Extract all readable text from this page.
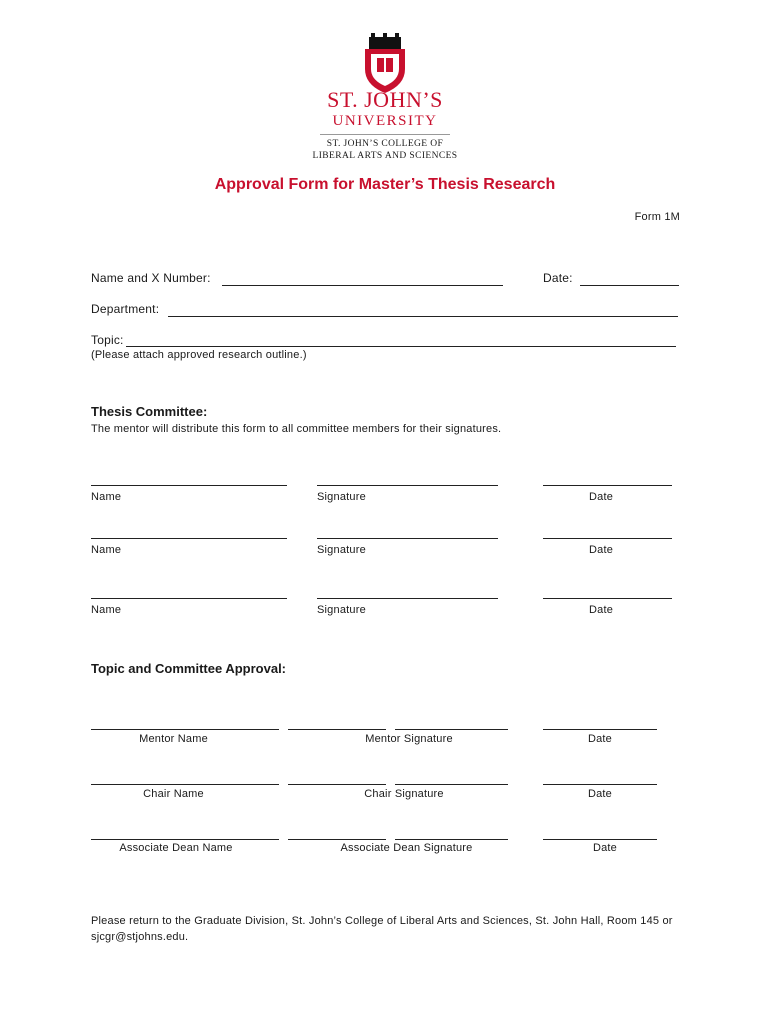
ST. JOHN’S
UNIVERSITY
ST. JOHN’S COLLEGE OF
LIBERAL ARTS AND SCIENCES
Approval Form for Master’s Thesis Research
Form 1M
Name and X Number:	Date:
Department:
Topic:
(Please attach approved research outline.)
Thesis Committee:
The mentor will distribute this form to all committee members for their signatures.
Name	Signature	Date
Name	Signature	Date
Name	Signature	Date
Topic and Committee Approval:
Mentor Name	Mentor Signature	Date
Chair Name	Chair Signature	Date
Associate Dean Name	Associate Dean Signature	Date
Please return to the Graduate Division, St. John’s College of Liberal Arts and Sciences, St. John Hall, Room 145 or sjcgr@stjohns.edu.
